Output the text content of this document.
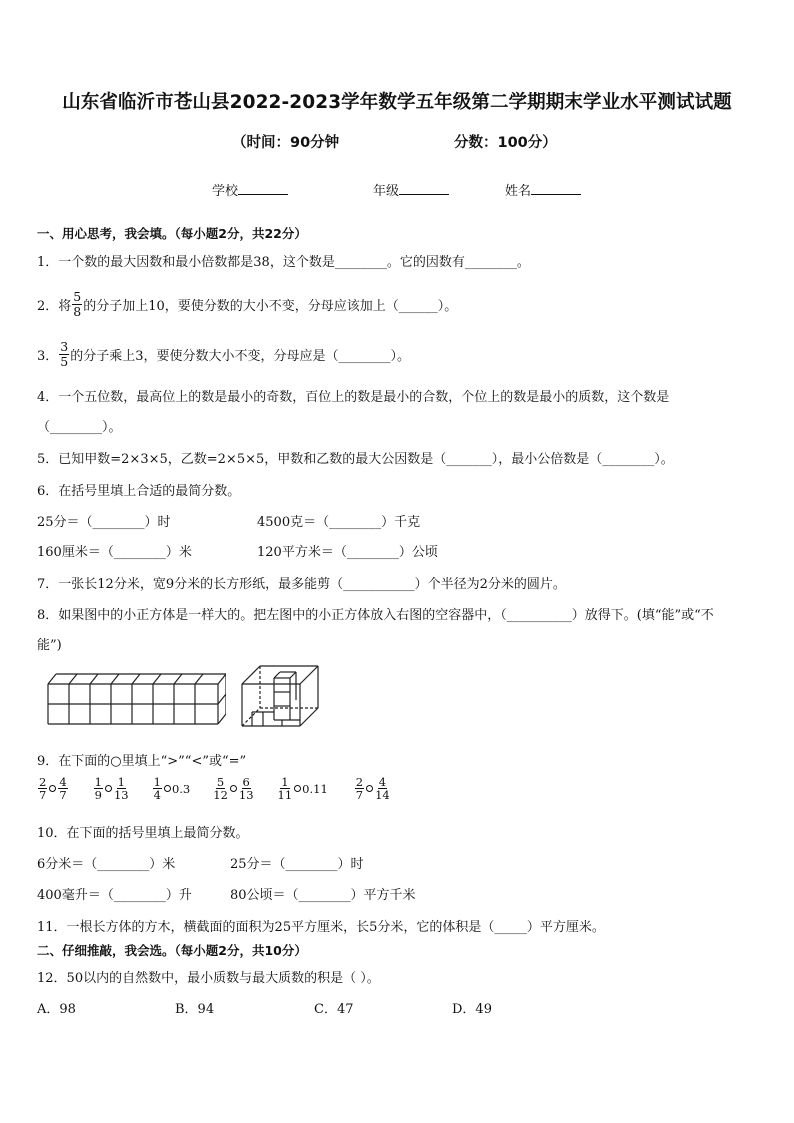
山东省临沂市苍山县2022-2023学年数学五年级第二学期期末学业水平测试试题
（时间：90分钟	分数：100分）
学校	年级	姓名
一、用心思考，我会填。（每小题2分，共22分）
1．一个数的最大因数和最小倍数都是38，这个数是________。它的因数有________。
2．将 $\frac{5}{8}$ 的分子加上10，要使分数的大小不变，分母应该加上（______）。
3． $\frac{3}{5}$ 的分子乘上3，要使分数大小不变，分母应是（________）。
4．一个五位数，最高位上的数是最小的奇数，百位上的数是最小的合数，个位上的数是最小的质数，这个数是
（________）。
5．已知甲数=2×3×5，乙数=2×5×5，甲数和乙数的最大公因数是（_______），最小公倍数是（________）。
6．在括号里填上合适的最简分数。
25分＝（________）时	4500克＝（________）千克
160厘米＝（________）米	120平方米＝（________）公顷
7．一张长12分米，宽9分米的长方形纸，最多能剪（___________）个半径为2分米的圆片。
8．如果图中的小正方体是一样大的。把左图中的小正方体放入右图的空容器中，（__________）放得下。(填“能”或“不
能”)
9．在下面的○里填上“>”“<”或“=”
$\frac{2}{7} \frac{4}{7} \frac{1}{9} \frac{1}{13} \frac{1}{4} 0.3 \frac{5}{12} \frac{6}{13} \frac{1}{11} 0.11 \frac{2}{7} \frac{4}{14}$
10．在下面的括号里填上最简分数。
6分米＝（________）米	25分＝（________）时
400毫升＝（________）升	80公顷＝（________）平方千米
11．一根长方体的方木，横截面的面积为25平方厘米，长5分米，它的体积是（_____）平方厘米。
二、仔细推敲，我会选。（每小题2分，共10分）
12．50以内的自然数中，最小质数与最大质数的积是（ ）。
A．98	B．94	C．47	D．49
